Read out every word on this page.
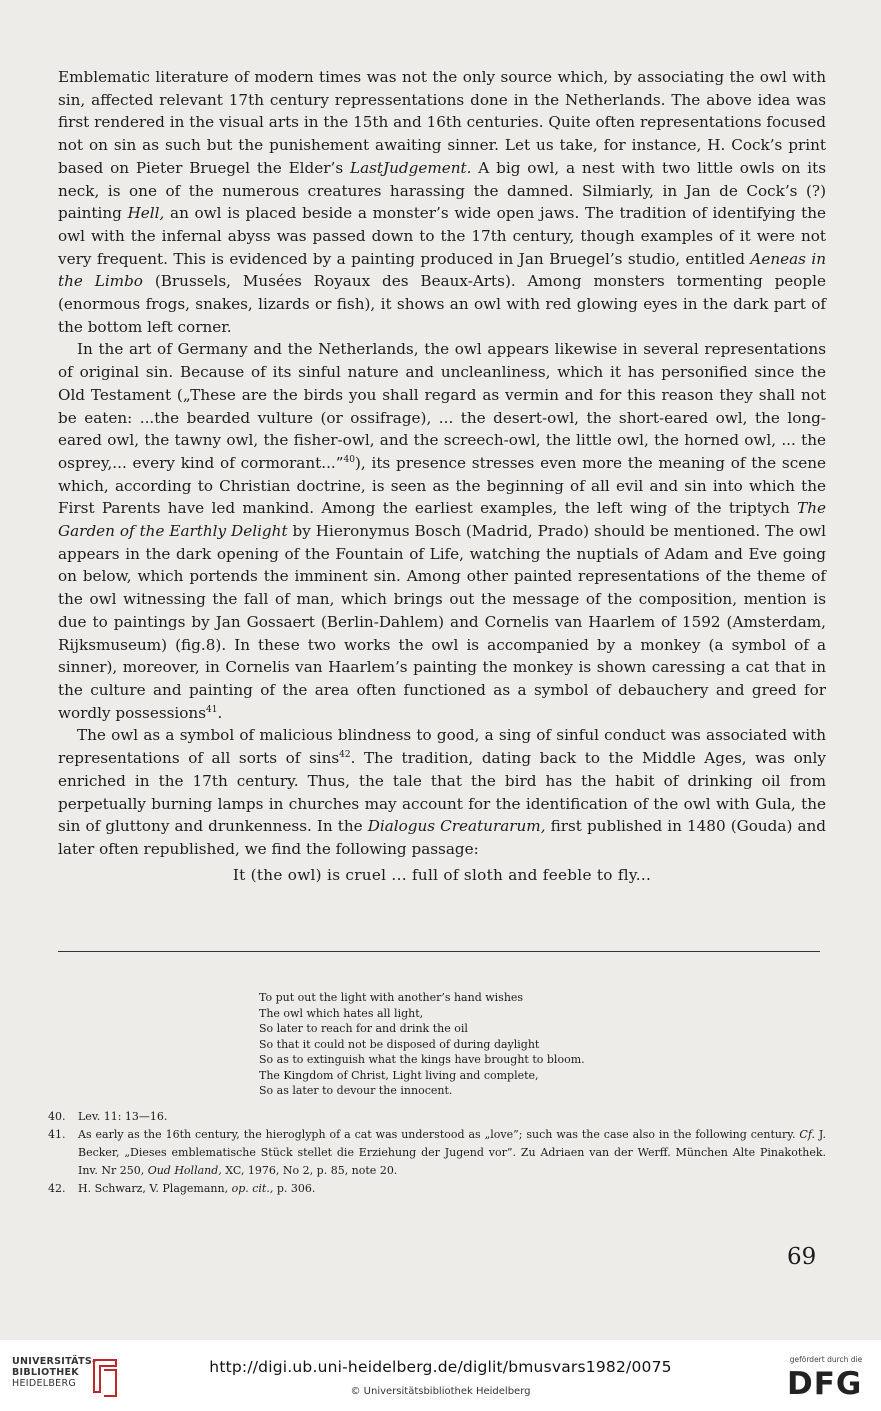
Emblematic literature of modern times was not the only source which, by associating the owl with sin, affected relevant 17th century repressentations done in the Netherlands. The above idea was first rendered in the visual arts in the 15th and 16th centuries. Quite often representations focused not on sin as such but the punishement awaiting sinner. Let us take, for instance, H. Cock’s print based on Pieter Bruegel the Elder’s LastJudgement. A big owl, a nest with two little owls on its neck, is one of the numerous creatures harassing the damned. Silmiarly, in Jan de Cock’s (?) painting Hell, an owl is placed beside a monster’s wide open jaws. The tradition of identifying the owl with the infernal abyss was passed down to the 17th century, though examples of it were not very frequent. This is evidenced by a painting produced in Jan Bruegel’s studio, entitled Aeneas in the Limbo (Brussels, Musées Royaux des Beaux-Arts). Among monsters tormenting people (enormous frogs, snakes, lizards or fish), it shows an owl with red glowing eyes in the dark part of the bottom left corner.

In the art of Germany and the Netherlands, the owl appears likewise in several representations of original sin. Because of its sinful nature and uncleanliness, which it has personified since the Old Testament („These are the birds you shall regard as vermin and for this reason they shall not be eaten: ...the bearded vulture (or ossifrage), ... the desert-owl, the short-eared owl, the long-eared owl, the tawny owl, the fisher-owl, and the screech-owl, the little owl, the horned owl, ... the osprey,... every kind of cormorant...”$^{40}$), its presence stresses even more the meaning of the scene which, according to Christian doctrine, is seen as the beginning of all evil and sin into which the First Parents have led mankind. Among the earliest examples, the left wing of the triptych The Garden of the Earthly Delight by Hieronymus Bosch (Madrid, Prado) should be mentioned. The owl appears in the dark opening of the Fountain of Life, watching the nuptials of Adam and Eve going on below, which portends the imminent sin. Among other painted representations of the theme of the owl witnessing the fall of man, which brings out the message of the composition, mention is due to paintings by Jan Gossaert (Berlin-Dahlem) and Cornelis van Haarlem of 1592 (Amsterdam, Rijksmuseum) (fig.8). In these two works the owl is accompanied by a monkey (a symbol of a sinner), moreover, in Cornelis van Haarlem’s painting the monkey is shown caressing a cat that in the culture and painting of the area often functioned as a symbol of debauchery and greed for wordly possessions$^{41}$.

The owl as a symbol of malicious blindness to good, a sing of sinful conduct was associated with representations of all sorts of sins$^{42}$. The tradition, dating back to the Middle Ages, was only enriched in the 17th century. Thus, the tale that the bird has the habit of drinking oil from perpetually burning lamps in churches may account for the identification of the owl with Gula, the sin of gluttony and drunkenness. In the Dialogus Creaturarum, first published in 1480 (Gouda) and later often republished, we find the following passage:

It (the owl) is cruel ... full of sloth and feeble to fly...
To put out the light with another’s hand wishes
The owl which hates all light,
So later to reach for and drink the oil
So that it could not be disposed of during daylight
So as to extinguish what the kings have brought to bloom.
The Kingdom of Christ, Light living and complete,
So as later to devour the innocent.
40.	Lev. 11: 13—16.
41.	As early as the 16th century, the hieroglyph of a cat was understood as „love”; such was the case also in the following century. Cf. J. Becker, „Dieses emblematische Stück stellet die Erziehung der Jugend vor”. Zu Adriaen van der Werff. München Alte Pinakothek. Inv. Nr 250, Oud Holland, XC, 1976, No 2, p. 85, note 20.
42.	H. Schwarz, V. Plagemann, op. cit., p. 306.
69
UNIVERSITÄTS-
BIBLIOTHEK
HEIDELBERG
http://digi.ub.uni-heidelberg.de/diglit/bmusvars1982/0075
© Universitätsbibliothek Heidelberg
gefördert durch die
DFG
